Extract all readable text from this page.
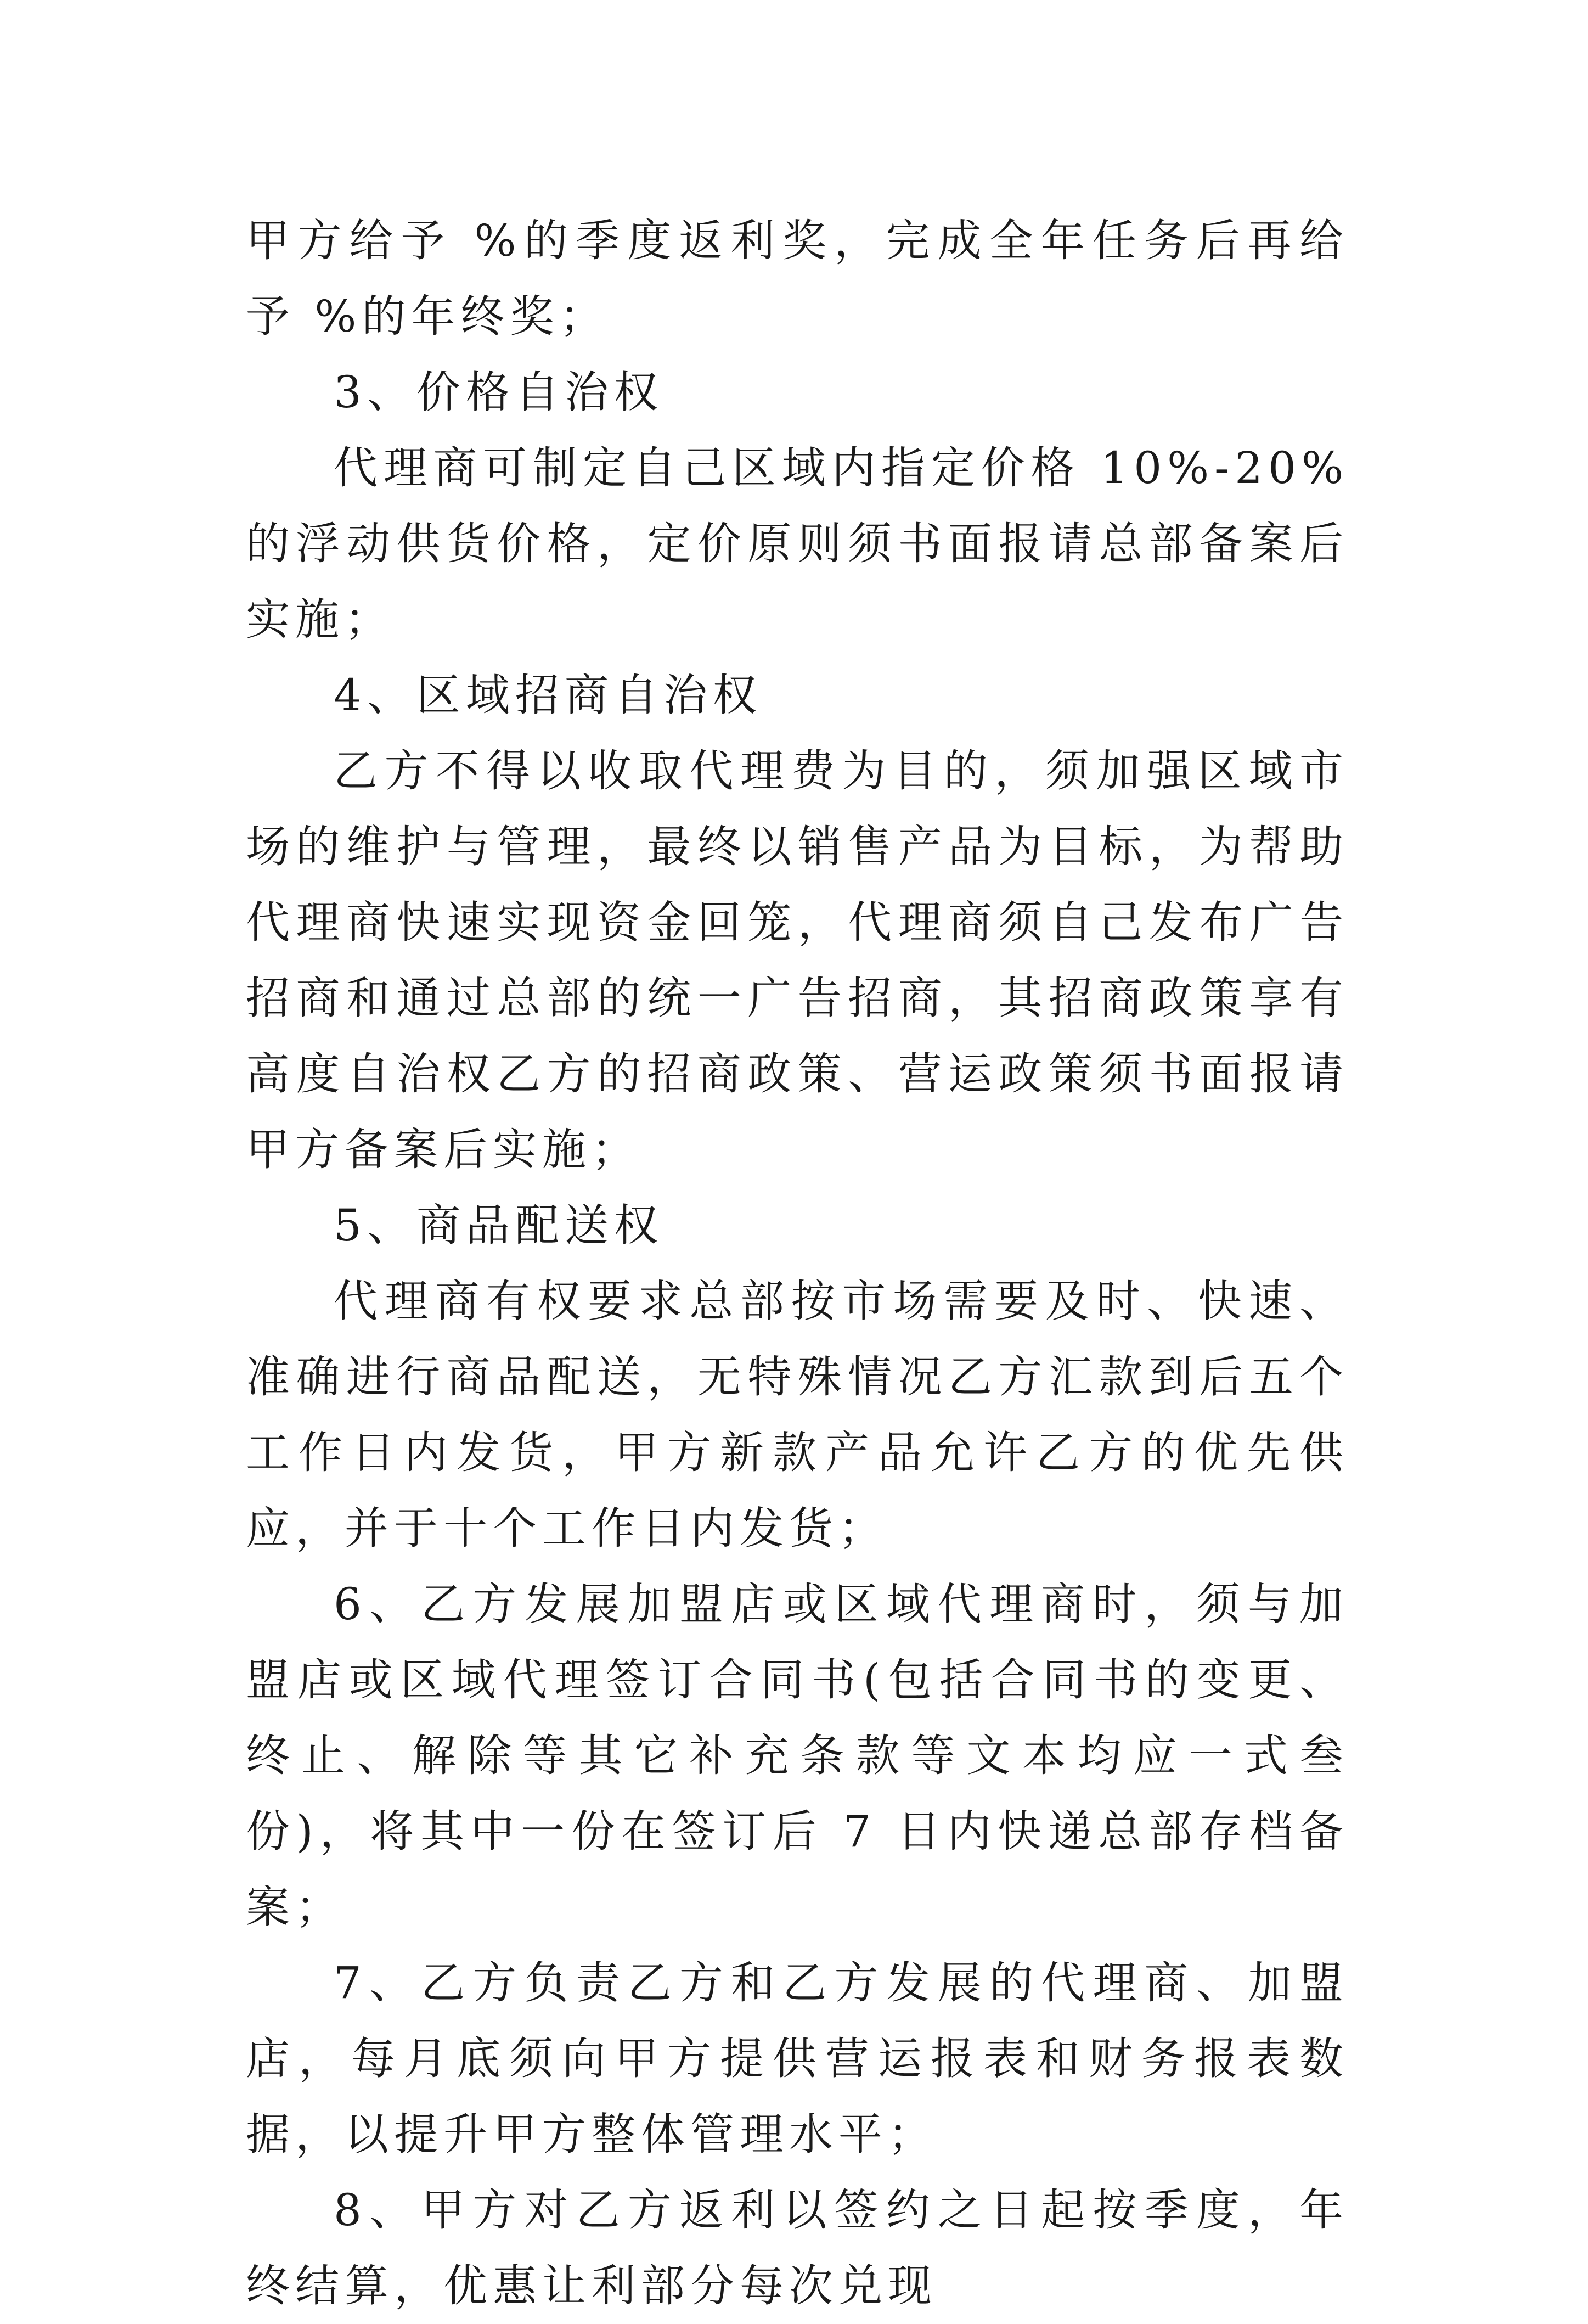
甲方给予 %的季度返利奖，完成全年任务后再给予 %的年终奖；

3、价格自治权

代理商可制定自己区域内指定价格 10%-20%的浮动供货价格，定价原则须书面报请总部备案后实施；

4、区域招商自治权

乙方不得以收取代理费为目的，须加强区域市场的维护与管理，最终以销售产品为目标，为帮助代理商快速实现资金回笼，代理商须自己发布广告招商和通过总部的统一广告招商，其招商政策享有高度自治权乙方的招商政策、营运政策须书面报请甲方备案后实施；

5、商品配送权

代理商有权要求总部按市场需要及时、快速、准确进行商品配送，无特殊情况乙方汇款到后五个工作日内发货，甲方新款产品允许乙方的优先供应，并于十个工作日内发货；

6、乙方发展加盟店或区域代理商时，须与加盟店或区域代理签订合同书(包括合同书的变更、终止、解除等其它补充条款等文本均应一式叁份)，将其中一份在签订后 7 日内快递总部存档备案；

7、乙方负责乙方和乙方发展的代理商、加盟店，每月底须向甲方提供营运报表和财务报表数据，以提升甲方整体管理水平；

8、甲方对乙方返利以签约之日起按季度，年终结算，优惠让利部分每次兑现
